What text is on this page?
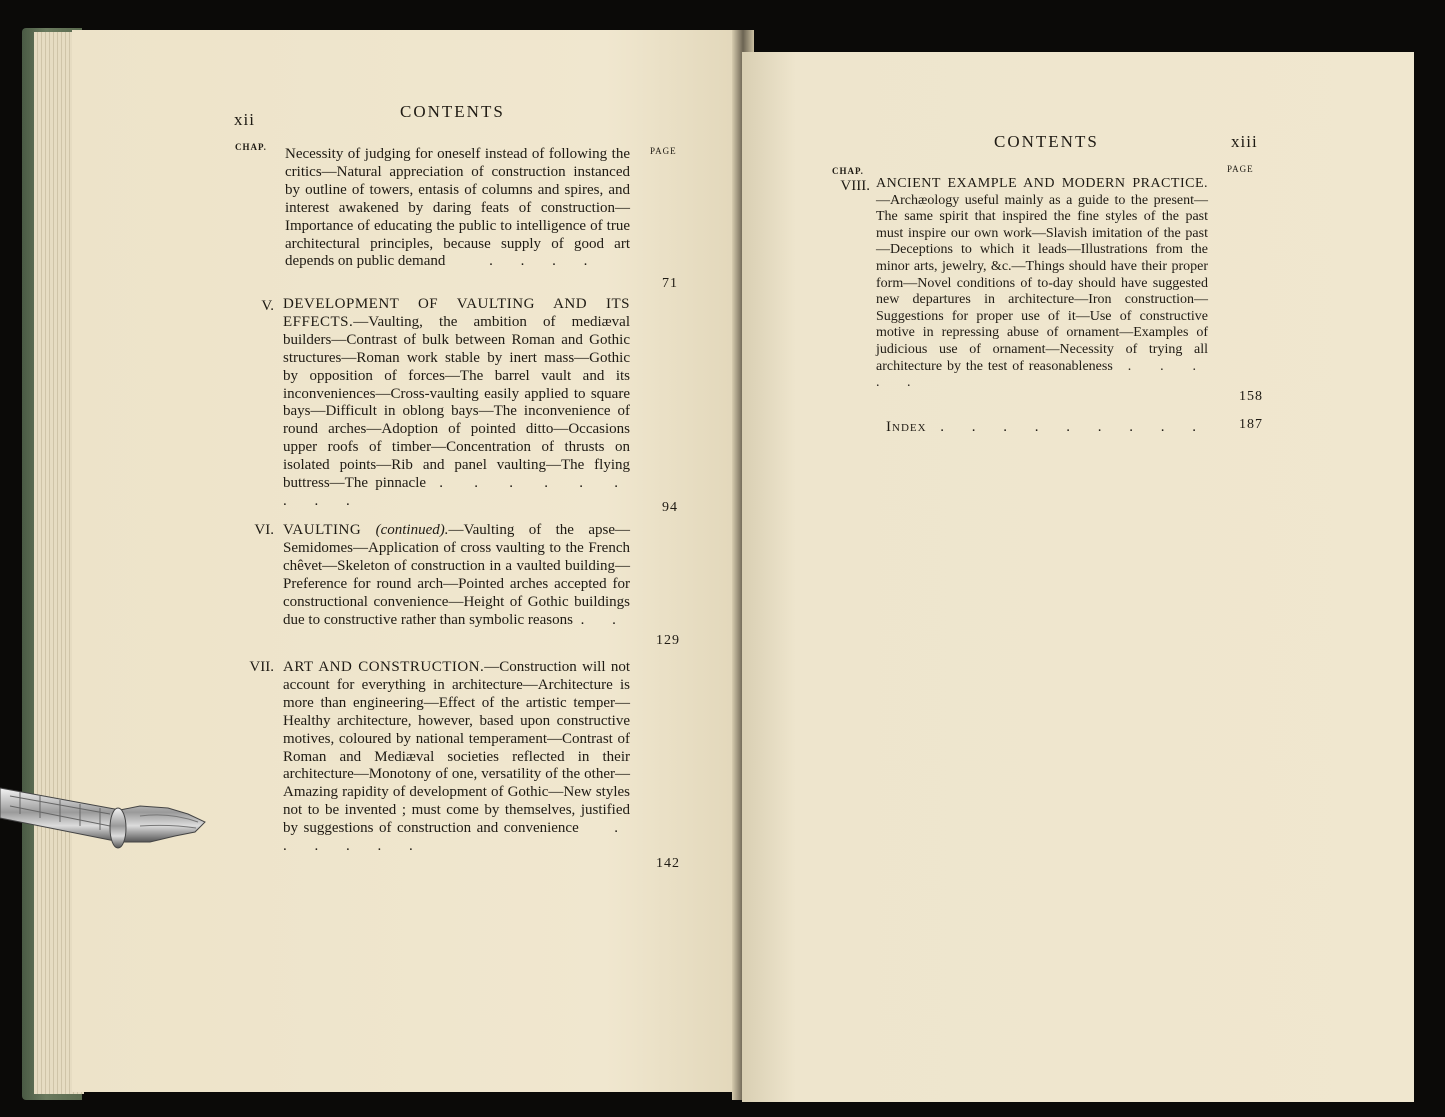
xii	CONTENTS
CHAP.	PAGE
Necessity of judging for oneself instead of following the critics—Natural appreciation of construction instanced by outline of towers, entasis of columns and spires, and interest awakened by daring feats of construction—Importance of educating the public to intelligence of true architectural principles, because supply of good art depends on public demand	. . . .
71
V. DEVELOPMENT OF VAULTING AND ITS EFFECTS.—Vaulting, the ambition of mediæval builders—Contrast of bulk between Roman and Gothic structures—Roman work stable by inert mass—Gothic by opposition of forces—The barrel vault and its inconveniences—Cross-vaulting easily applied to square bays—Difficult in oblong bays—The inconvenience of round arches—Adoption of pointed ditto—Occasions upper roofs of timber—Concentration of thrusts on isolated points—Rib and panel vaulting—The flying buttress—The pinnacle . . . . . . . . .	94
VI. VAULTING (continued).—Vaulting of the apse—Semidomes—Application of cross vaulting to the French chêvet—Skeleton of construction in a vaulted building—Preference for round arch—Pointed arches accepted for constructional convenience—Height of Gothic buildings due to constructive rather than symbolic reasons . .
129
VII. ART AND CONSTRUCTION.—Construction will not account for everything in architecture—Architecture is more than engineering—Effect of the artistic temper—Healthy architecture, however, based upon constructive motives, coloured by national temperament—Contrast of Roman and Mediæval societies reflected in their architecture—Monotony of one, versatility of the other—Amazing rapidity of development of Gothic—New styles not to be invented ; must come by themselves, justified by suggestions of construction and convenience . . . . . .
142
CONTENTS	xiii
CHAP.	PAGE
VIII. ANCIENT EXAMPLE AND MODERN PRACTICE.—Archæology useful mainly as a guide to the present—The same spirit that inspired the fine styles of the past must inspire our own work—Slavish imitation of the past—Deceptions to which it leads—Illustrations from the minor arts, jewelry, &c.—Things should have their proper form—Novel conditions of to-day should have suggested new departures in architecture—Iron construction—Suggestions for proper use of it—Use of constructive motive in repressing abuse of ornament—Examples of judicious use of ornament—Necessity of trying all architecture by the test of reasonableness . . . . .
158
Index . . . . . . . . .	187
